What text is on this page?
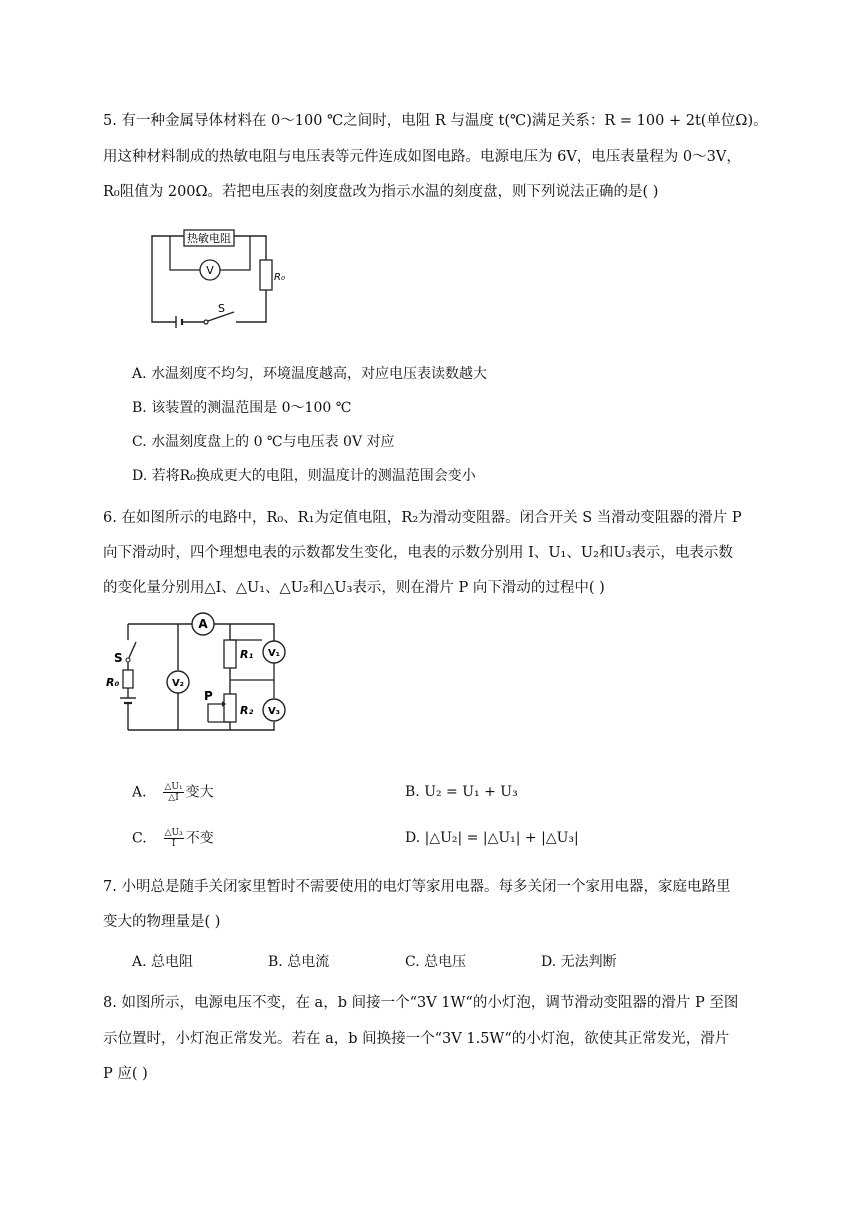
5. 有一种金属导体材料在 0～100 ℃之间时，电阻 R 与温度 t(℃)满足关系：R = 100 + 2t(单位Ω)。
用这种材料制成的热敏电阻与电压表等元件连成如图电路。电源电压为 6V，电压表量程为 0～3V，
R₀阻值为 200Ω。若把电压表的刻度盘改为指示水温的刻度盘，则下列说法正确的是( )
热敏电阻
V
R₀
S
A. 水温刻度不均匀，环境温度越高，对应电压表读数越大
B. 该装置的测温范围是 0～100 ℃
C. 水温刻度盘上的 0 ℃与电压表 0V 对应
D. 若将R₀换成更大的电阻，则温度计的测温范围会变小
6. 在如图所示的电路中，R₀、R₁为定值电阻，R₂为滑动变阻器。闭合开关 S 当滑动变阻器的滑片 P
向下滑动时，四个理想电表的示数都发生变化，电表的示数分别用 I、U₁、U₂和U₃表示，电表示数
的变化量分别用△I、△U₁、△U₂和△U₃表示，则在滑片 P 向下滑动的过程中( )
S
R₀
A
V₂
R₁
R₂
P
V₁
V₃
A. $\frac{\text{△U₁}}{\triangle I}$ 变大	B. U₂ = U₁ + U₃
C. $\frac{\text{△U₃}}{I}$ 不变	D. |△U₂| = |△U₁| + |△U₃|
7. 小明总是随手关闭家里暂时不需要使用的电灯等家用电器。每多关闭一个家用电器，家庭电路里
变大的物理量是( )
A. 总电阻	B. 总电流	C. 总电压	D. 无法判断
8. 如图所示，电源电压不变，在 a，b 间接一个“3V 1W“的小灯泡，调节滑动变阻器的滑片 P 至图
示位置时，小灯泡正常发光。若在 a，b 间换接一个“3V 1.5W“的小灯泡，欲使其正常发光，滑片
P 应( )
